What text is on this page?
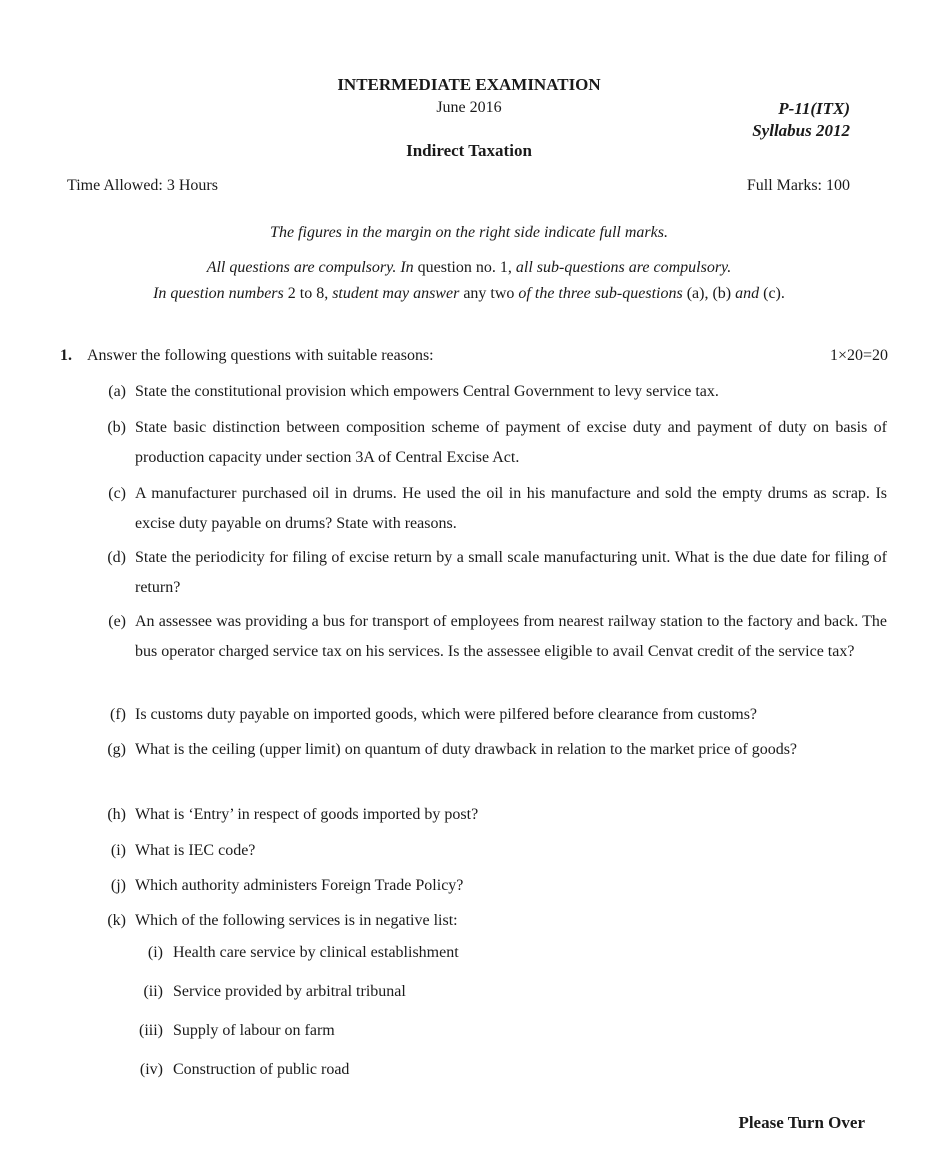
INTERMEDIATE EXAMINATION
June 2016	P-11(ITX)
Syllabus 2012
Indirect Taxation
Time Allowed: 3 Hours	Full Marks: 100
The figures in the margin on the right side indicate full marks.
All questions are compulsory. In question no. 1, all sub-questions are compulsory.
In question numbers 2 to 8, student may answer any two of the three sub-questions (a), (b) and (c).
1. Answer the following questions with suitable reasons:	1×20=20
(a) State the constitutional provision which empowers Central Government to levy service tax.
(b) State basic distinction between composition scheme of payment of excise duty and payment of duty on basis of production capacity under section 3A of Central Excise Act.
(c) A manufacturer purchased oil in drums. He used the oil in his manufacture and sold the empty drums as scrap. Is excise duty payable on drums? State with reasons.
(d) State the periodicity for filing of excise return by a small scale manufacturing unit. What is the due date for filing of return?
(e) An assessee was providing a bus for transport of employees from nearest railway station to the factory and back. The bus operator charged service tax on his services. Is the assessee eligible to avail Cenvat credit of the service tax?
(f) Is customs duty payable on imported goods, which were pilfered before clearance from customs?
(g) What is the ceiling (upper limit) on quantum of duty drawback in relation to the market price of goods?
(h) What is ‘Entry’ in respect of goods imported by post?
(i) What is IEC code?
(j) Which authority administers Foreign Trade Policy?
(k) Which of the following services is in negative list:
(i) Health care service by clinical establishment
(ii) Service provided by arbitral tribunal
(iii) Supply of labour on farm
(iv) Construction of public road
Please Turn Over
